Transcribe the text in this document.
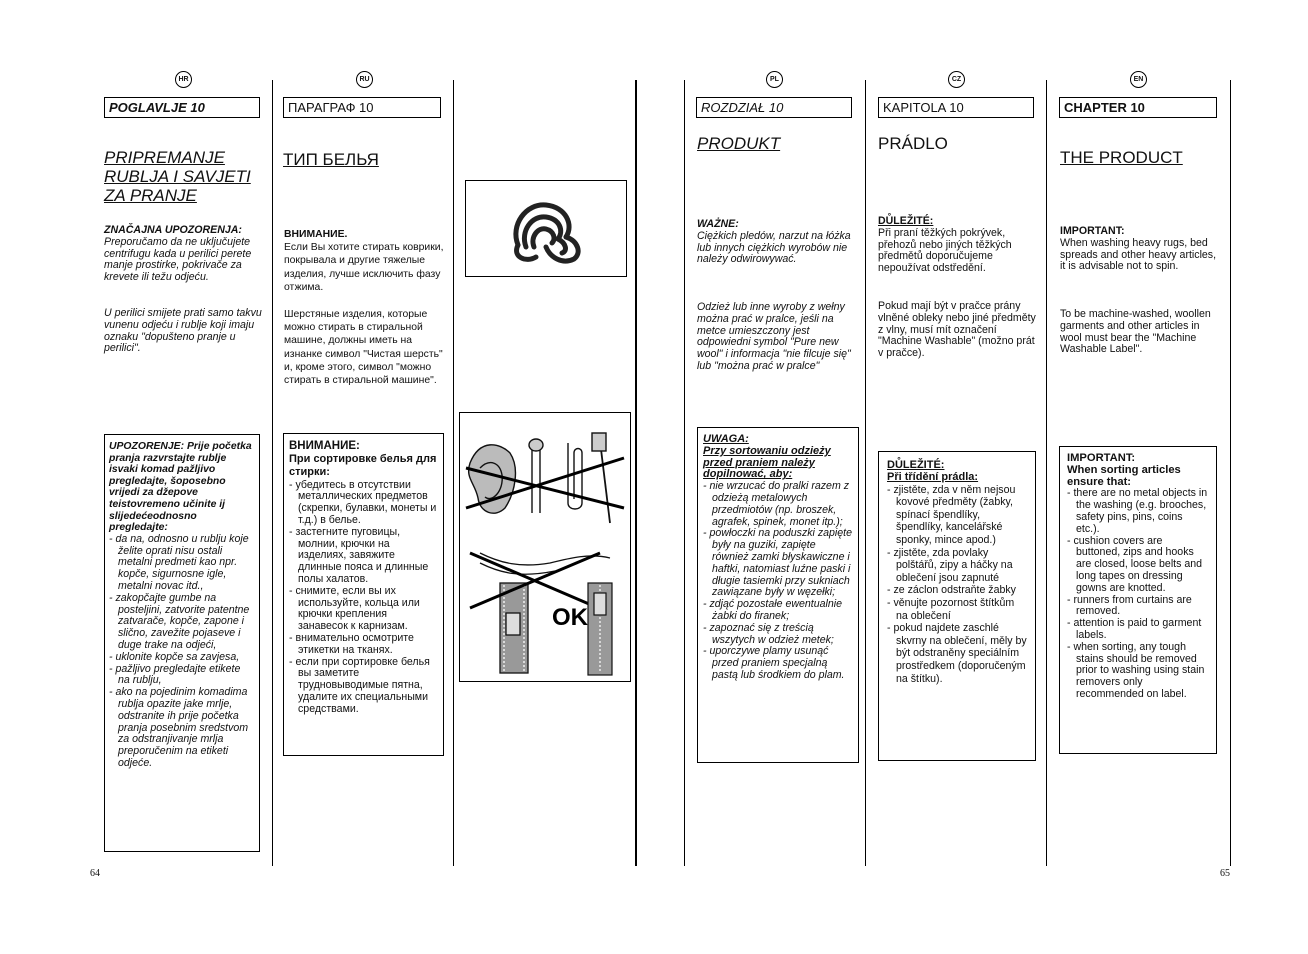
HR	RU	PL	CZ	EN
POGLAVLJE 10
PRIPREMANJE RUBLJA I SAVJETI ZA PRANJE

ZNAČAJNA UPOZORENJA:
Preporučamo da ne uključujete centrifugu kada u perilici perete manje prostirke, pokrivače za krevete ili težu odjeću.

U perilici smijete prati samo takvu vunenu odjeću i rublje koji imaju oznaku "dopušteno pranje u perilici".

UPOZORENJE: Prije početka pranja razvrstajte rublje isvaki komad pažljivo pregledajte, šoposebno vrijedi za džepove teistovremeno učinite ij slijedećeodnosno pregledajte:

- da na, odnosno u rublju koje želite oprati nisu ostali metalni predmeti kao npr. kopče, sigurnosne igle, metalni novac itd.,
- zakopčajte gumbe na posteljini, zatvorite patentne zatvarače, kopče, zapone i slično, zavežite pojaseve i duge trake na odjeći,
- uklonite kopče sa zavjesa,
- pažljivo pregledajte etikete na rublju,
- ako na pojedinim komadima rublja opazite jake mrlje, odstranite ih prije početka pranja posebnim sredstvom za odstranjivanje mrlja preporučenim na etiketi odjeće.
ПАРАГРАФ 10
ТИП БЕЛЬЯ

ВНИМАНИЕ.
Если Вы хотите стирать коврики, покрывала и другие тяжелые изделия, лучше исключить фазу отжима.

Шерстяные изделия, которые можно стирать в стиральной машине, должны иметь на изнанке символ "Чистая шерсть" и, кроме этого, символ "можно стирать в стиральной машине".

ВНИМАНИЕ:

При сортировке белья для стирки:

- убедитесь в отсутствии металлических предметов (скрепки, булавки, монеты и т.д.) в белье.
- застегните пуговицы, молнии, крючки на изделиях, завяжите длинные пояса и длинные полы халатов.
- снимите, если вы их используйте, кольца или крючки крепления занавесок к карнизам.
- внимательно осмотрите этикетки на тканях.
- если при сортировке белья вы заметите трудновыводимые пятна, удалите их специальными средствами.
OK
ROZDZIAŁ 10
PRODUKT

WAŻNE:
Ciężkich pledów, narzut na łóżka lub innych ciężkich wyrobów nie należy odwirowywać.

Odzież lub inne wyroby z wełny można prać w pralce, jeśli na metce umieszczony jest odpowiedni symbol "Pure new wool" i informacja "nie filcuje się" lub "można prać w pralce"

UWAGA:

Przy sortowaniu odzieży przed praniem należy dopilnować, aby:

- nie wrzucać do pralki razem z odzieżą metalowych przedmiotów (np. broszek, agrafek, spinek, monet itp.);
- powłoczki na poduszki zapięte były na guziki, zapięte również zamki błyskawiczne i haftki, natomiast luźne paski i długie tasiemki przy sukniach zawiązane były w węzełki;
- zdjąć pozostałe ewentualnie żabki do firanek;
- zapoznać się z treścią wszytych w odzież metek;
- uporczywe plamy usunąć przed praniem specjalną pastą lub środkiem do plam.
KAPITOLA 10
PRÁDLO

DŮLEŽITÉ:
Při praní těžkých pokrývek, přehozů nebo jiných těžkých předmětů doporučujeme nepoužívat odstředění.

Pokud mají být v pračce prány vlněné obleky nebo jiné předměty z vlny, musí mít označení "Machine Washable" (možno prát v pračce).

DŮLEŽITÉ:

Při třídění prádla:

- zjistěte, zda v něm nejsou kovové předměty (žabky, spínací špendlíky, špendlíky, kancelářské sponky, mince apod.)
- zjistěte, zda povlaky polštářů, zipy a háčky na oblečení jsou zapnuté
- ze záclon odstraňte žabky
- věnujte pozornost štítkům na oblečení
- pokud najdete zaschlé skvrny na oblečení, měly by být odstraněny speciálním prostředkem (doporučeným na štítku).
CHAPTER 10
THE PRODUCT

IMPORTANT:
When washing heavy rugs, bed spreads and other heavy articles, it is advisable not to spin.

To be machine-washed, woollen garments and other articles in wool must bear the "Machine Washable Label".

IMPORTANT:

When sorting articles ensure that:

- there are no metal objects in the washing (e.g. brooches, safety pins, pins, coins etc.).
- cushion covers are buttoned, zips and hooks are closed, loose belts and long tapes on dressing gowns are knotted.
- runners from curtains are removed.
- attention is paid to garment labels.
- when sorting, any tough stains should be removed prior to washing using stain removers only recommended on label.
64	65
